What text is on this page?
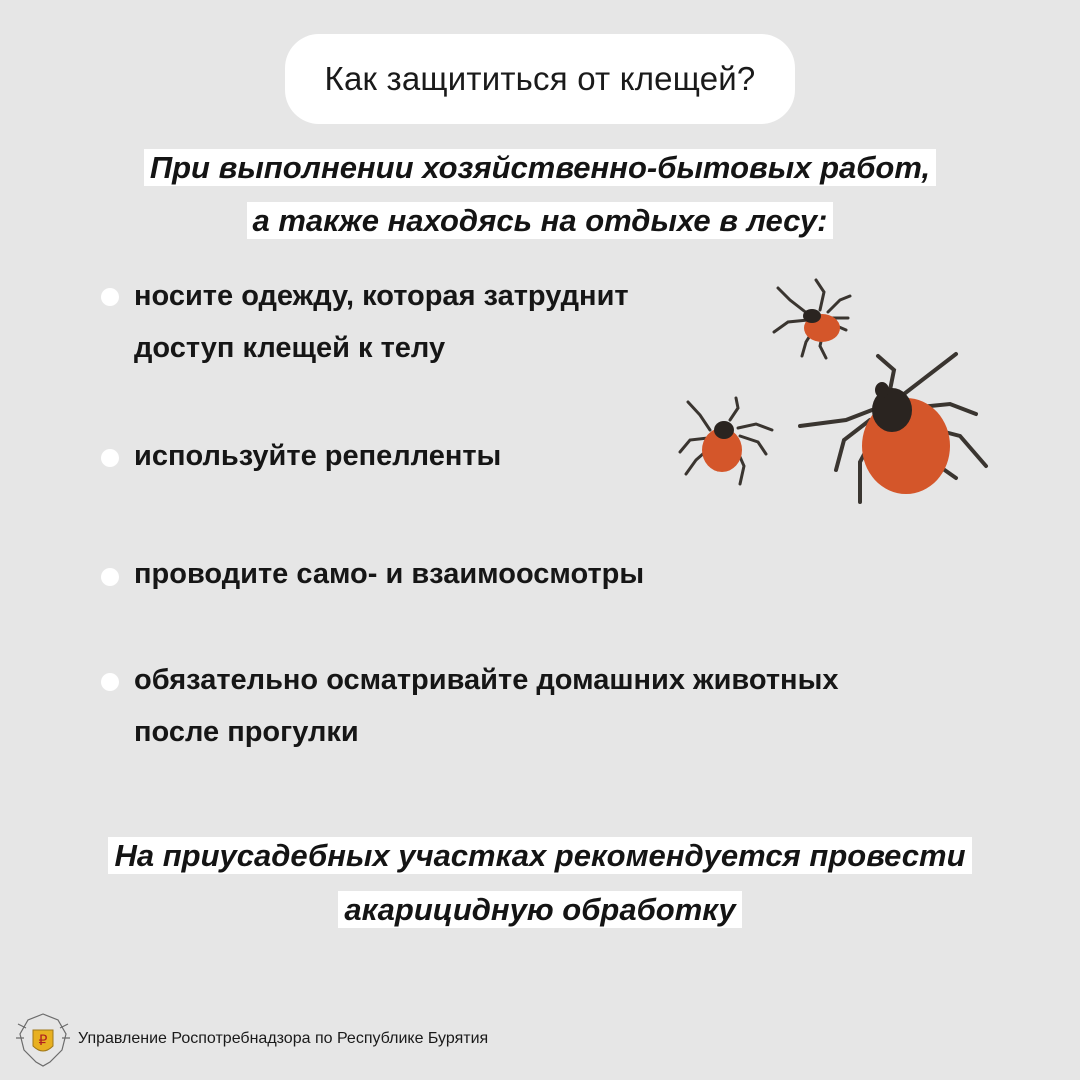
Как защититься от клещей?
При выполнении хозяйственно-бытовых работ,
а также находясь на отдыхе в лесу:
носите одежду, которая затруднит
доступ клещей к телу
используйте репелленты
проводите само- и взаимоосмотры
обязательно осматривайте домашних животных
после прогулки
На приусадебных участках рекомендуется провести
акарицидную обработку
₽ Управление Роспотребнадзора по Республике Бурятия
